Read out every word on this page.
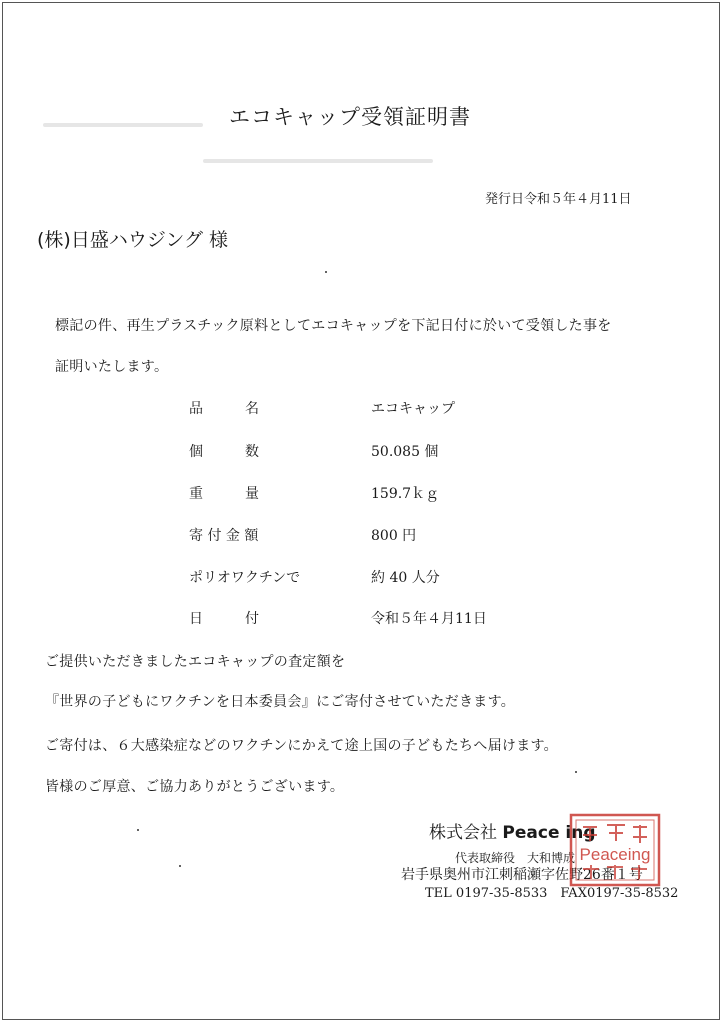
エコキャップ受領証明書
発行日令和５年４月11日
(株)日盛ハウジング 様
標記の件、再生プラスチック原料としてエコキャップを下記日付に於いて受領した事を
証明いたします。
品　　　名	エコキャップ
個　　　数	50.085 個
重　　　量	159.7ｋｇ
寄 付 金 額	800 円
ポリオワクチンで	約 40 人分
日　　　付	令和５年４月11日
ご提供いただきましたエコキャップの査定額を
『世界の子どもにワクチンを日本委員会』にご寄付させていただきます。
ご寄付は、６大感染症などのワクチンにかえて途上国の子どもたちへ届けます。
皆様のご厚意、ご協力ありがとうございます。
株式会社 Peace ing
代表取締役　大和博成
岩手県奥州市江刺稲瀬字佐野26番１号
TEL 0197-35-8533　FAX0197-35-8532
Peaceing
